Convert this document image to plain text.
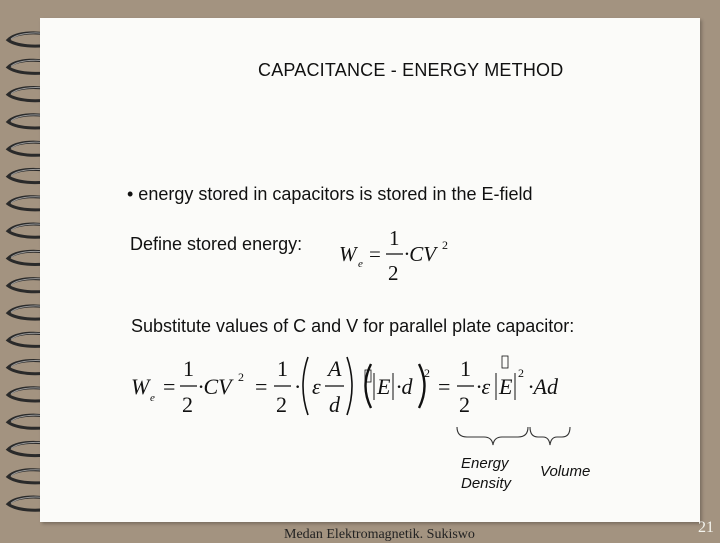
CAPACITANCE - ENERGY METHOD
• energy stored in capacitors is stored in the E-field
Define stored energy: W e =
1
2
·CV 2
Substitute values of C and V for parallel plate capacitor:
W e =
1
2
·CV 2 =
1
2
· ε
A
d
E ·d
2
=
1
2
·ε E
2
·Ad
Energy
Density
Volume
Medan Elektromagnetik. Sukiswo	21
